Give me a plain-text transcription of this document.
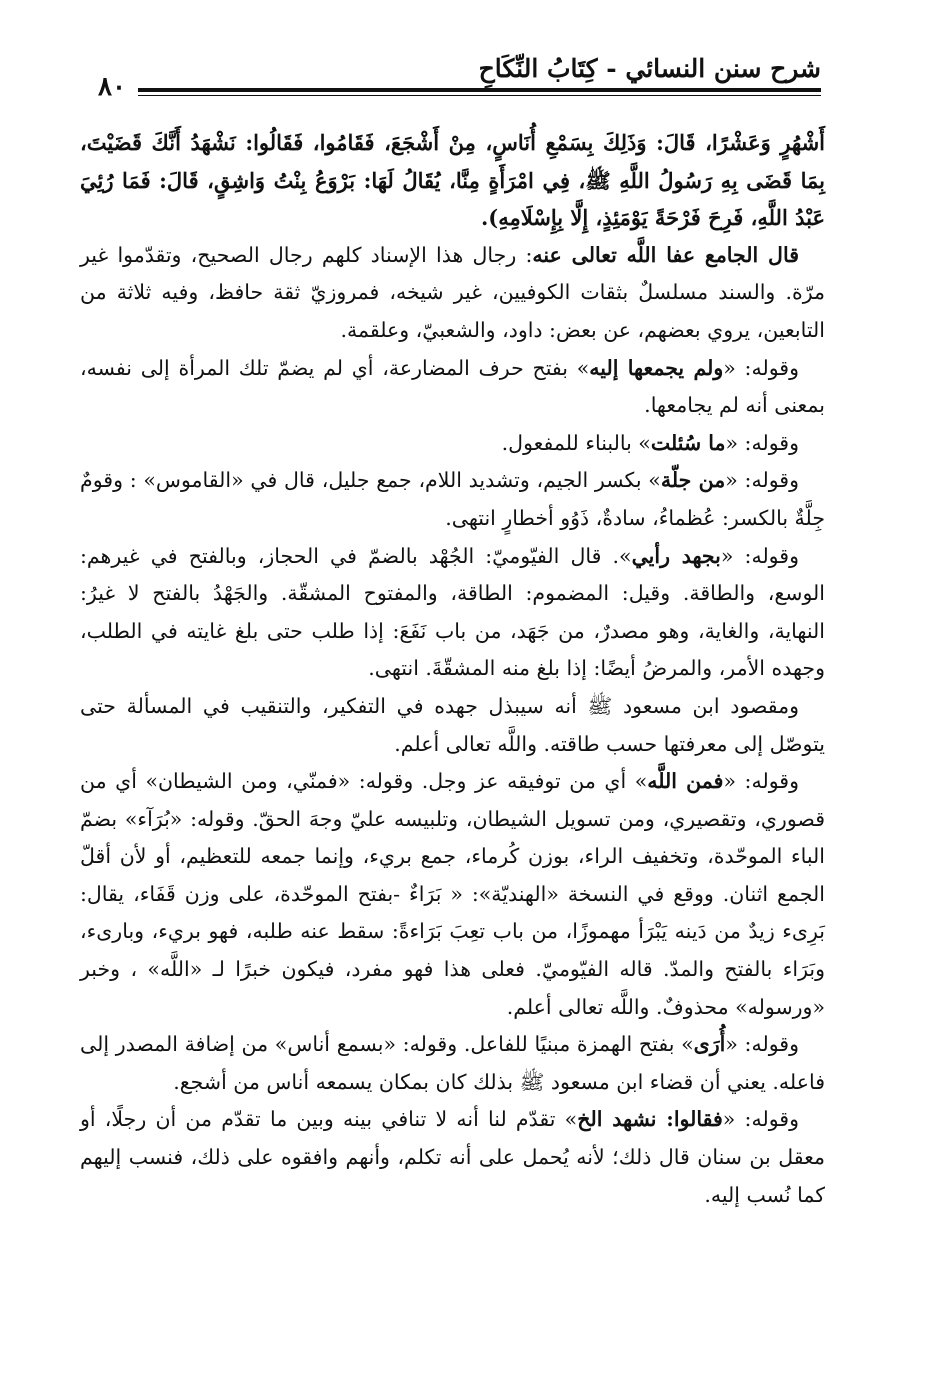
شرح سنن النسائي - كِتَابُ النِّكَاحِ
٨٠

أَشْهُرٍ وَعَشْرًا، قَالَ: وَذَلِكَ بِسَمْعِ أُنَاسٍ، مِنْ أَشْجَعَ، فَقَامُوا، فَقَالُوا: نَشْهَدُ أَنَّكَ قَضَيْتَ، بِمَا قَضَى بِهِ رَسُولُ اللَّهِ ﷺ، فِي امْرَأَةٍ مِنَّا، يُقَالُ لَهَا: بَرْوَعُ بِنْتُ وَاشِقٍ، قَالَ: فَمَا رُئِيَ عَبْدُ اللَّهِ، فَرِحَ فَرْحَةً يَوْمَئِذٍ، إِلَّا بِإِسْلَامِهِ).

قال الجامع عفا اللَّه تعالى عنه: رجال هذا الإسناد كلهم رجال الصحيح، وتقدّموا غير مرّة. والسند مسلسلٌ بثقات الكوفيين، غير شيخه، فمروزيّ ثقة حافظ، وفيه ثلاثة من التابعين، يروي بعضهم، عن بعض: داود، والشعبيّ، وعلقمة.

وقوله: «ولم يجمعها إليه» بفتح حرف المضارعة، أي لم يضمّ تلك المرأة إلى نفسه، بمعنى أنه لم يجامعها.

وقوله: «ما سُئلت» بالبناء للمفعول.

وقوله: «من جلّة» بكسر الجيم، وتشديد اللام، جمع جليل، قال في «القاموس» : وقومٌ جِلَّةٌ بالكسر: عُظماءُ، سادةٌ، ذَوُو أخطارٍ انتهى.

وقوله: «بجهد رأيي». قال الفيّوميّ: الجُهْد بالضمّ في الحجاز، وبالفتح في غيرهم: الوسع، والطاقة. وقيل: المضموم: الطاقة، والمفتوح المشقّة. والجَهْدُ بالفتح لا غيرُ: النهاية، والغاية، وهو مصدرٌ، من جَهَد، من باب نَفَعَ: إذا طلب حتى بلغ غايته في الطلب، وجهده الأمر، والمرضُ أيضًا: إذا بلغ منه المشقّةَ. انتهى.

ومقصود ابن مسعود ﷺ أنه سيبذل جهده في التفكير، والتنقيب في المسألة حتى يتوصّل إلى معرفتها حسب طاقته. واللَّه تعالى أعلم.

وقوله: «فمن اللَّه» أي من توفيقه عز وجل. وقوله: «فمنّي، ومن الشيطان» أي من قصوري، وتقصيري، ومن تسويل الشيطان، وتلبيسه عليّ وجهَ الحقّ. وقوله: «بُرَآء» بضمّ الباء الموحّدة، وتخفيف الراء، بوزن كُرماء، جمع بريء، وإنما جمعه للتعظيم، أو لأن أقلّ الجمع اثنان. ووقع في النسخة «الهنديّة»: « بَرَاءٌ -بفتح الموحّدة، على وزن قَفَاء، يقال: بَرِىء زيدٌ من دَينه يَبْرَأ مهموزًا، من باب تعِبَ بَرَاءةً: سقط عنه طلبه، فهو بريء، وبارىء، وبَرَاء بالفتح والمدّ. قاله الفيّوميّ. فعلى هذا فهو مفرد، فيكون خبرًا لـ «اللَّه» ، وخبر «ورسوله» محذوفٌ. واللَّه تعالى أعلم.

وقوله: «أُرَى» بفتح الهمزة مبنيًا للفاعل. وقوله: «بسمع أناس» من إضافة المصدر إلى فاعله. يعني أن قضاء ابن مسعود ﷺ بذلك كان بمكان يسمعه أناس من أشجع.

وقوله: «فقالوا: نشهد الخ» تقدّم لنا أنه لا تنافي بينه وبين ما تقدّم من أن رجلًا، أو معقل بن سنان قال ذلك؛ لأنه يُحمل على أنه تكلم، وأنهم وافقوه على ذلك، فنسب إليهم كما نُسب إليه.
